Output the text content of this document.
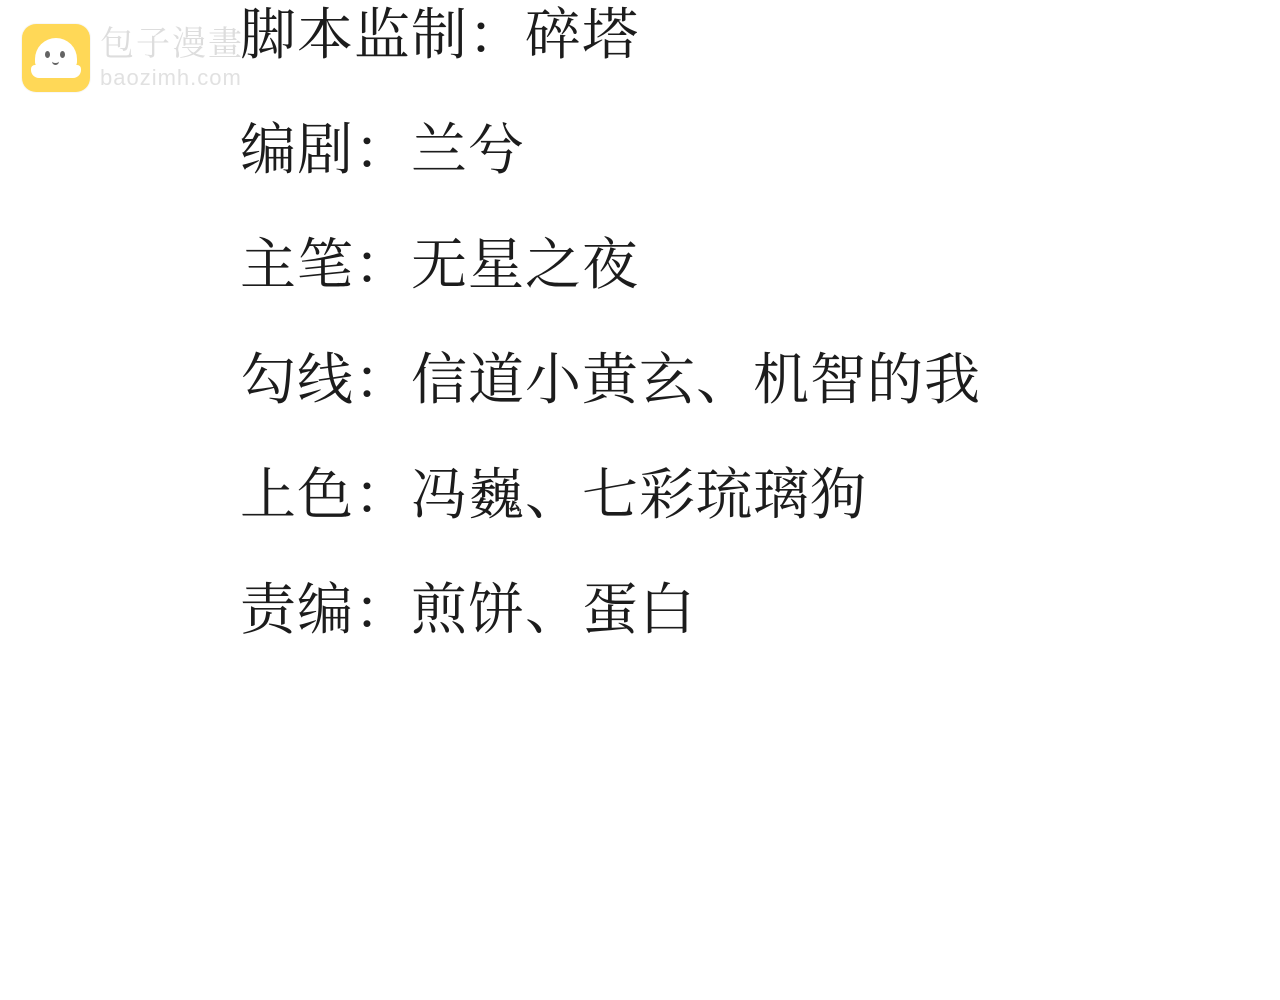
包子漫畫
baozimh.com
脚本监制：碎塔
编剧：兰兮
主笔：无星之夜
勾线：信道小黄玄、机智的我
上色：冯巍、七彩琉璃狗
责编：煎饼、蛋白
